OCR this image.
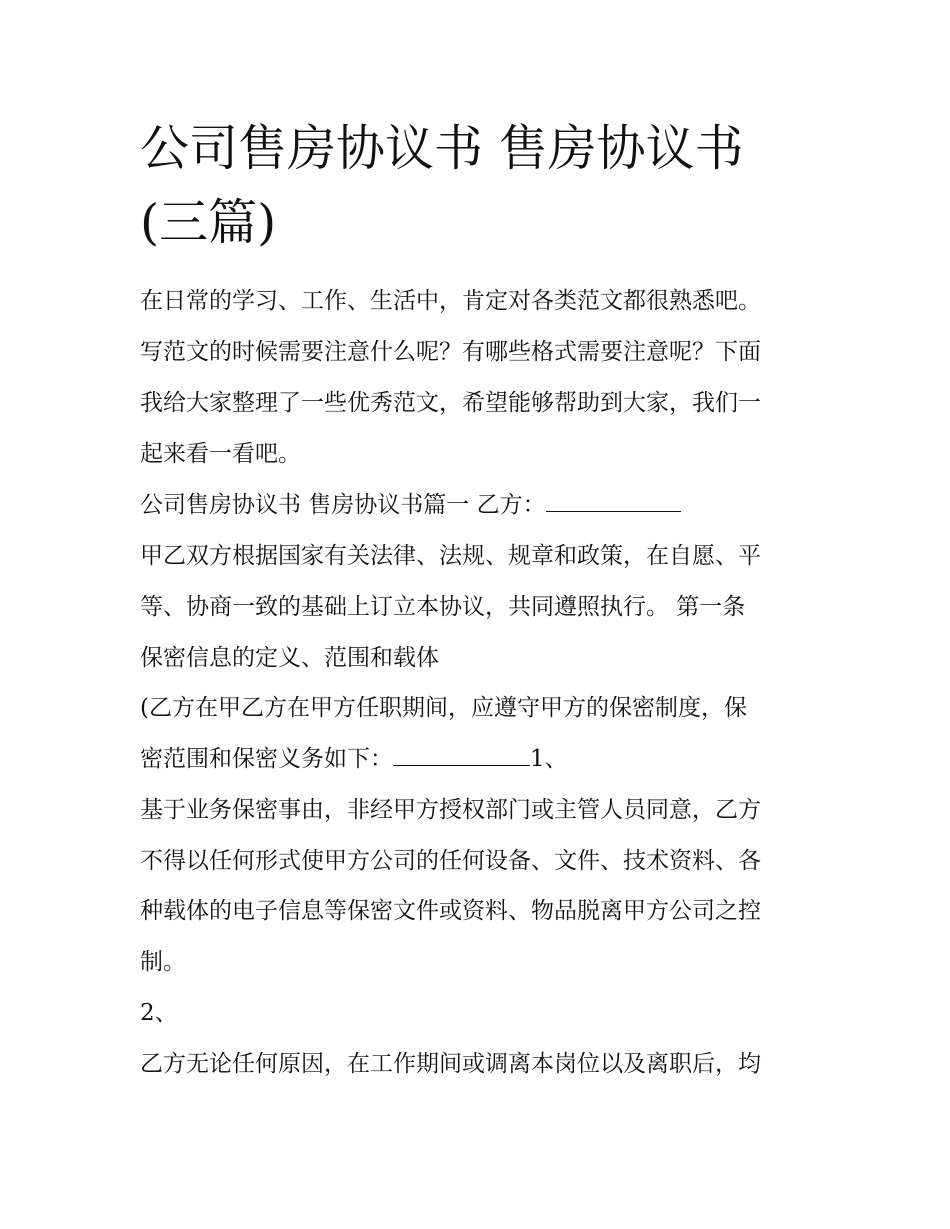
公司售房协议书 售房协议书
(三篇)
在日常的学习、工作、生活中，肯定对各类范文都很熟悉吧。
写范文的时候需要注意什么呢？有哪些格式需要注意呢？下面
我给大家整理了一些优秀范文，希望能够帮助到大家，我们一
起来看一看吧。
公司售房协议书 售房协议书篇一 乙方：
甲乙双方根据国家有关法律、法规、规章和政策，在自愿、平
等、协商一致的基础上订立本协议，共同遵照执行。 第一条
保密信息的定义、范围和载体
(乙方在甲乙方在甲方任职期间，应遵守甲方的保密制度，保
密范围和保密义务如下：	1、
基于业务保密事由，非经甲方授权部门或主管人员同意，乙方
不得以任何形式使甲方公司的任何设备、文件、技术资料、各
种载体的电子信息等保密文件或资料、物品脱离甲方公司之控
制。
2、
乙方无论任何原因，在工作期间或调离本岗位以及离职后，均
